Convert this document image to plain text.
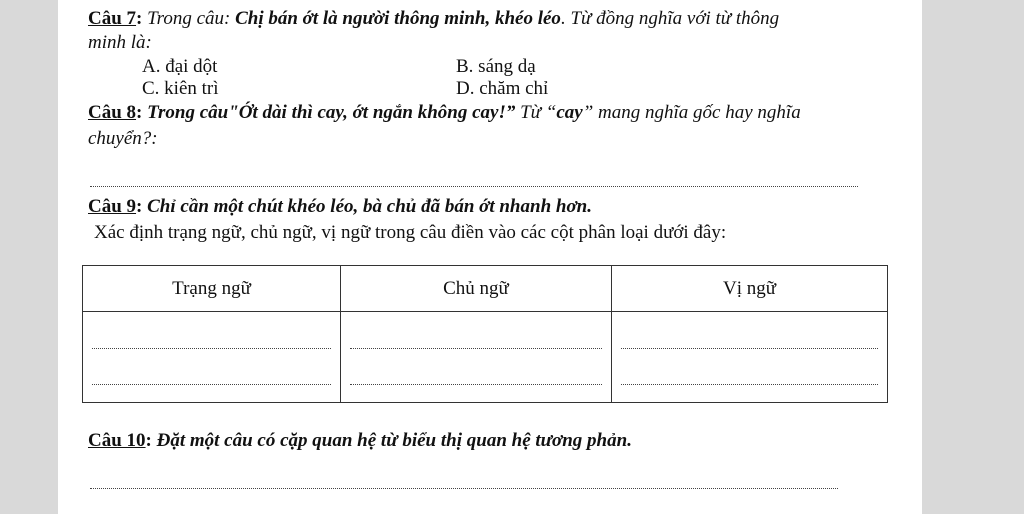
Câu 7: Trong câu: Chị bán ớt là người thông minh, khéo léo. Từ đồng nghĩa với từ thông
minh là:
A. đại dột	B. sáng dạ
C. kiên trì	D. chăm chỉ
Câu 8: Trong câu"Ớt dài thì cay, ớt ngắn không cay!” Từ “cay” mang nghĩa gốc hay nghĩa
chuyển?:
Câu 9: Chỉ cần một chút khéo léo, bà chủ đã bán ớt nhanh hơn.
Xác định trạng ngữ, chủ ngữ, vị ngữ trong câu điền vào các cột phân loại dưới đây:
Trạng ngữ	Chủ ngữ	Vị ngữ

Câu 10: Đặt một câu có cặp quan hệ từ biểu thị quan hệ tương phản.
